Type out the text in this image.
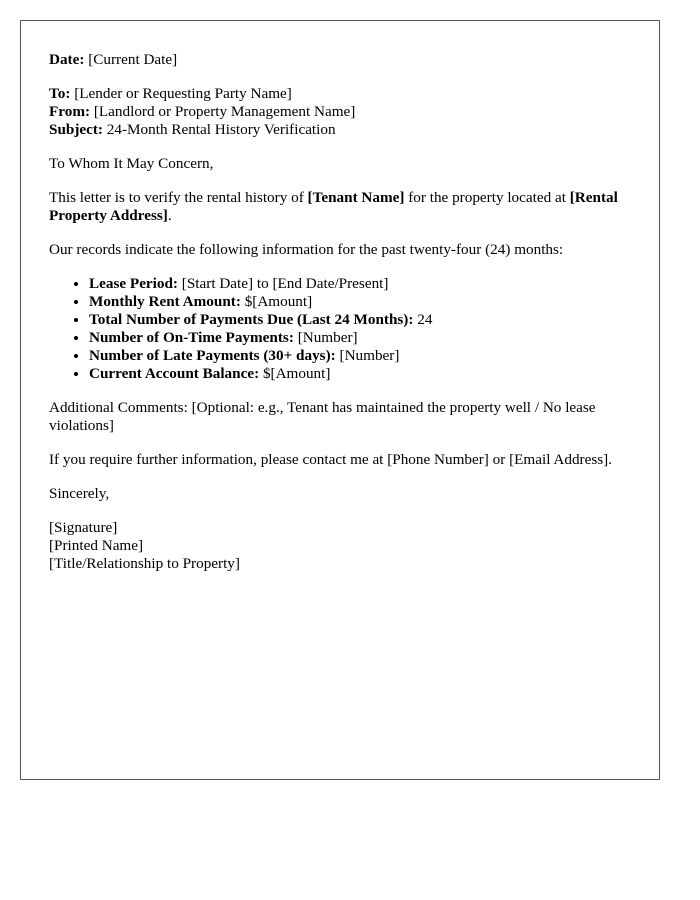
Date: [Current Date]

To: [Lender or Requesting Party Name]
From: [Landlord or Property Management Name]
Subject: 24-Month Rental History Verification

To Whom It May Concern,

This letter is to verify the rental history of [Tenant Name] for the property located at [Rental Property Address].

Our records indicate the following information for the past twenty-four (24) months:

• Lease Period: [Start Date] to [End Date/Present]
• Monthly Rent Amount: $[Amount]
• Total Number of Payments Due (Last 24 Months): 24
• Number of On-Time Payments: [Number]
• Number of Late Payments (30+ days): [Number]
• Current Account Balance: $[Amount]

Additional Comments: [Optional: e.g., Tenant has maintained the property well / No lease violations]

If you require further information, please contact me at [Phone Number] or [Email Address].

Sincerely,

[Signature]
[Printed Name]
[Title/Relationship to Property]
